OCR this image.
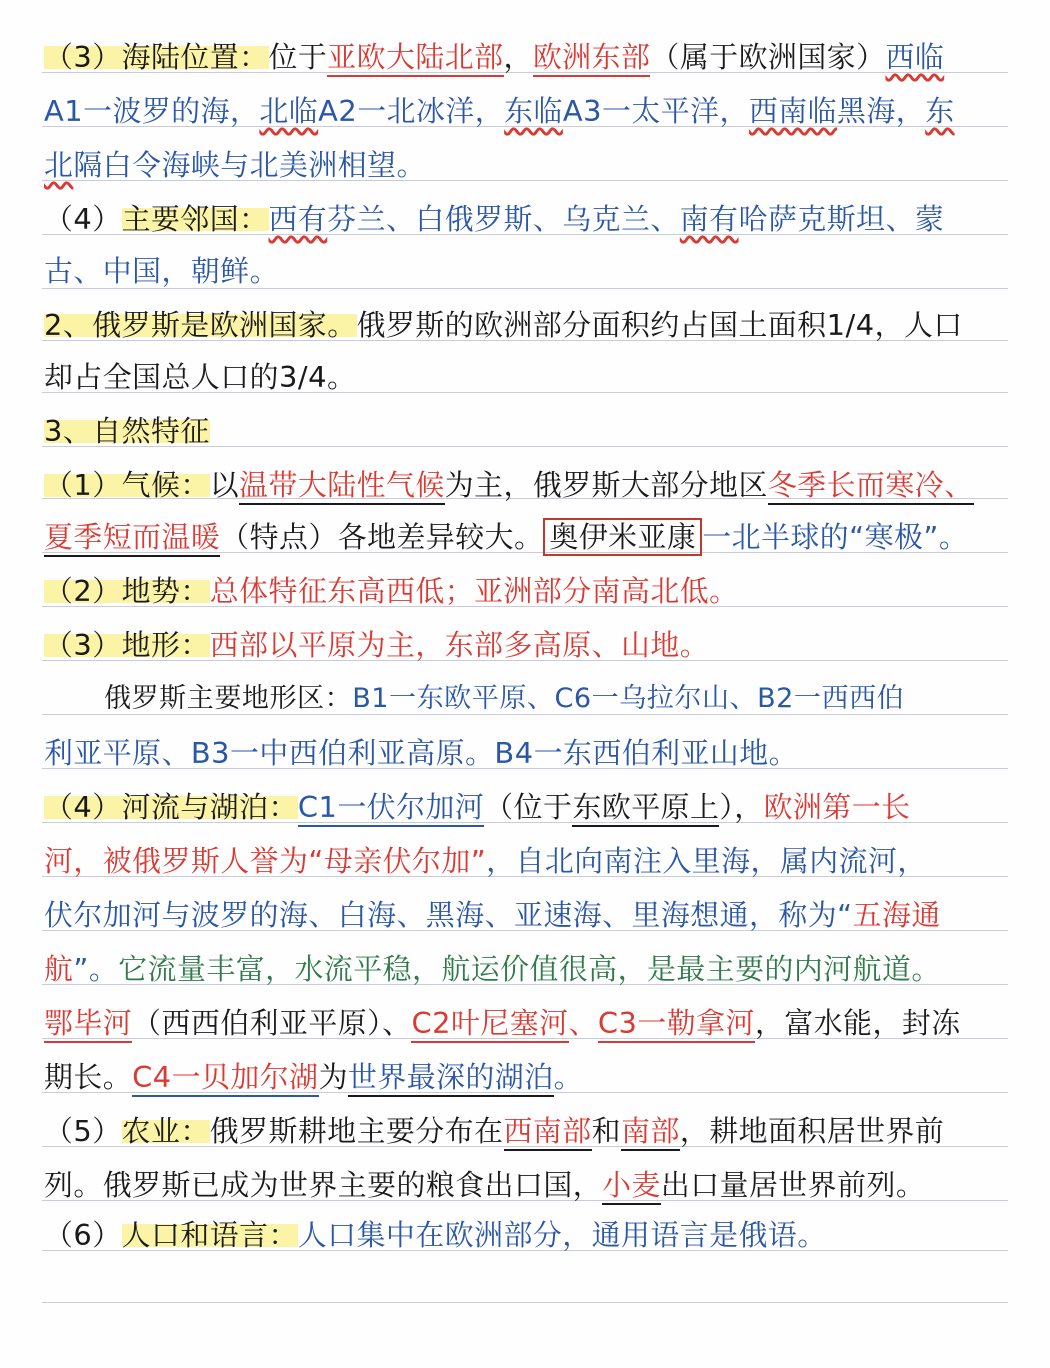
（3）海陆位置：位于亚欧大陆北部，欧洲东部（属于欧洲国家）西临
A1一波罗的海，北临A2一北冰洋，东临A3一太平洋，西南临黑海，东
北隔白令海峡与北美洲相望。
（4）主要邻国：西有芬兰、白俄罗斯、乌克兰、南有哈萨克斯坦、蒙
古、中国，朝鲜。
2、俄罗斯是欧洲国家。俄罗斯的欧洲部分面积约占国土面积1/4，人口
却占全国总人口的3/4。
3、自然特征
（1）气候：以温带大陆性气候为主，俄罗斯大部分地区冬季长而寒冷、
夏季短而温暖（特点）各地差异较大。 奥伊米亚康 一北半球的“寒极”。
（2）地势：总体特征东高西低；亚洲部分南高北低。
（3）地形：西部以平原为主，东部多高原、山地。
俄罗斯主要地形区：B1一东欧平原、C6一乌拉尔山、B2一西西伯
利亚平原、B3一中西伯利亚高原。B4一东西伯利亚山地。
（4）河流与湖泊：C1一伏尔加河（位于东欧平原上），欧洲第一长
河，被俄罗斯人誉为“母亲伏尔加”，自北向南注入里海，属内流河，
伏尔加河与波罗的海、白海、黑海、亚速海、里海想通，称为“五海通
航”。它流量丰富，水流平稳，航运价值很高，是最主要的内河航道。
鄂毕河（西西伯利亚平原）、C2叶尼塞河、C3一勒拿河，富水能，封冻
期长。C4一贝加尔湖为世界最深的湖泊。
（5）农业：俄罗斯耕地主要分布在西南部和南部，耕地面积居世界前
列。俄罗斯已成为世界主要的粮食出口国，小麦出口量居世界前列。
（6）人口和语言：人口集中在欧洲部分，通用语言是俄语。
